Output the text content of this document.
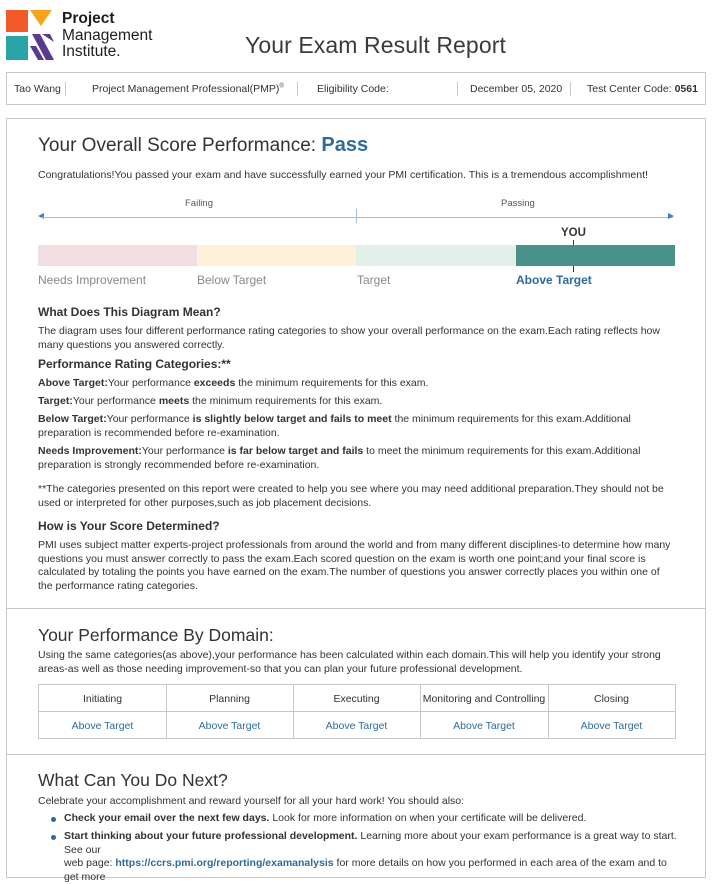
Project
Management
Institute.	Your Exam Result Report
Tao Wang	Project Management Professional(PMP)®	Eligibility Code:	December 05, 2020 Test Center Code: 0561
Your Overall Score Performance: Pass
Congratulations!You passed your exam and have successfully earned your PMI certification. This is a tremendous accomplishment!
Failing	Passing
YOU
Needs Improvement	Below Target	Target	Above Target
What Does This Diagram Mean?
The diagram uses four different performance rating categories to show your overall performance on the exam.Each rating reflects how many questions you answered correctly.
Performance Rating Categories:**
Above Target:Your performance exceeds the minimum requirements for this exam.
Target:Your performance meets the minimum requirements for this exam.
Below Target:Your performance is slightly below target and fails to meet the minimum requirements for this exam.Additional preparation is recommended before re-examination.
Needs Improvement:Your performance is far below target and fails to meet the minimum requirements for this exam.Additional preparation is strongly recommended before re-examination.
**The categories presented on this report were created to help you see where you may need additional preparation.They should not be used or interpreted for other purposes,such as job placement decisions.
How is Your Score Determined?
PMI uses subject matter experts-project professionals from around the world and from many different disciplines-to determine how many questions you must answer correctly to pass the exam.Each scored question on the exam is worth one point;and your final score is calculated by totaling the points you have earned on the exam.The number of questions you answer correctly places you within one of the performance rating categories.
Your Performance By Domain:
Using the same categories(as above),your performance has been calculated within each domain.This will help you identify your strong areas-as well as those needing improvement-so that you can plan your future professional development.
Initiating	Planning	Executing	Monitoring and Controlling	Closing
Above Target	Above Target	Above Target	Above Target	Above Target
What Can You Do Next?
Celebrate your accomplishment and reward yourself for all your hard work! You should also:
Check your email over the next few days. Look for more information on when your certificate will be delivered.
Start thinking about your future professional development. Learning more about your exam performance is a great way to start. See our
web page: https://ccrs.pmi.org/reporting/examanalysis for more details on how you performed in each area of the exam and to get more
